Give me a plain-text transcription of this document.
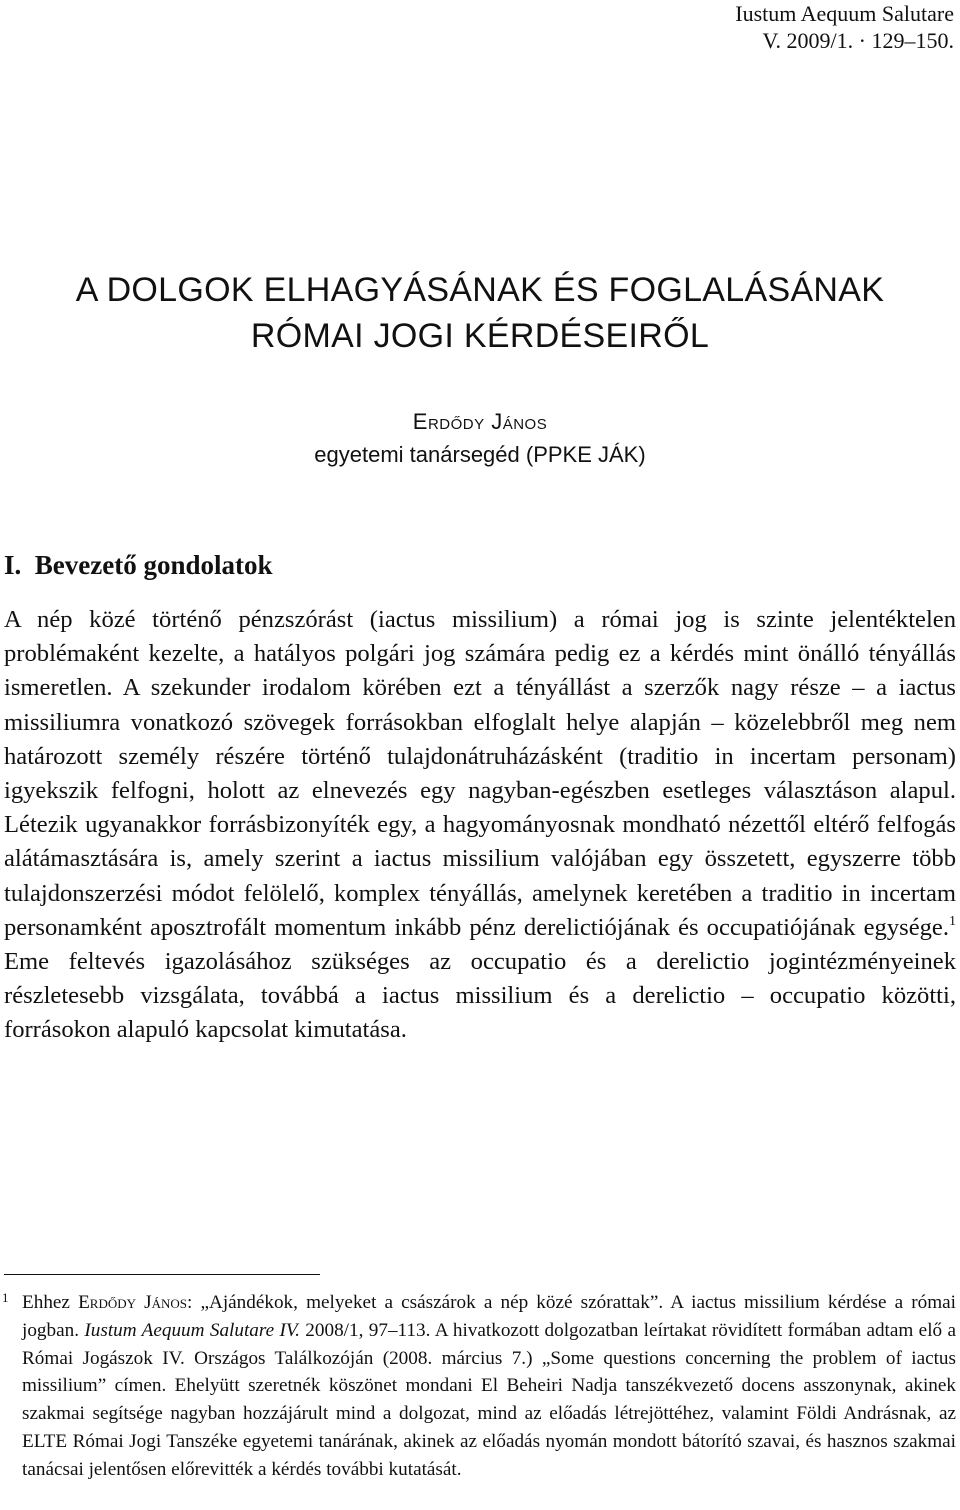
Iustum Aequum Salutare
V. 2009/1. · 129–150.
A DOLGOK ELHAGYÁSÁNAK ÉS FOGLALÁSÁNAK
RÓMAI JOGI KÉRDÉSEIRŐL
Erdődy János
egyetemi tanársegéd (PPKE JÁK)
I.  Bevezető gondolatok
A nép közé történő pénzszórást (iactus missilium) a római jog is szinte jelentéktelen problémaként kezelte, a hatályos polgári jog számára pedig ez a kérdés mint önálló tényállás ismeretlen. A szekunder irodalom körében ezt a tényállást a szerzők nagy része – a iactus missiliumra vonatkozó szövegek forrásokban elfoglalt helye alapján – közelebbről meg nem határozott személy részére történő tulajdonátruházásként (traditio in incertam personam) igyekszik felfogni, holott az elnevezés egy nagyban-egészben esetleges választáson alapul. Létezik ugyanakkor forrásbizonyíték egy, a hagyományosnak mondható nézettől eltérő felfogás alátámasztására is, amely szerint a iactus missilium valójában egy összetett, egyszerre több tulajdonszerzési módot felölelő, komplex tényállás, amelynek keretében a traditio in incertam personamként aposztrofált momentum inkább pénz derelictiójának és occupatiójának egysége.$^1$ Eme feltevés igazolásához szükséges az occupatio és a derelictio jogintézményeinek részletesebb vizsgálata, továbbá a iactus missilium és a derelictio – occupatio közötti, forrásokon alapuló kapcsolat kimutatása.
1 Ehhez Erdődy János: „Ajándékok, melyeket a császárok a nép közé szórattak”. A iactus missilium kérdése a római jogban. Iustum Aequum Salutare IV. 2008/1, 97–113. A hivatkozott dolgozatban leírtakat rövidített formában adtam elő a Római Jogászok IV. Országos Találkozóján (2008. március 7.) „Some questions concerning the problem of iactus missilium” címen. Ehelyütt szeretnék köszönet mondani El Beheiri Nadja tanszékvezető docens asszonynak, akinek szakmai segítsége nagyban hozzájárult mind a dolgozat, mind az előadás létrejöttéhez, valamint Földi Andrásnak, az ELTE Római Jogi Tanszéke egyetemi tanárának, akinek az előadás nyomán mondott bátorító szavai, és hasznos szakmai tanácsai jelentősen előrevitték a kérdés további kutatását.
